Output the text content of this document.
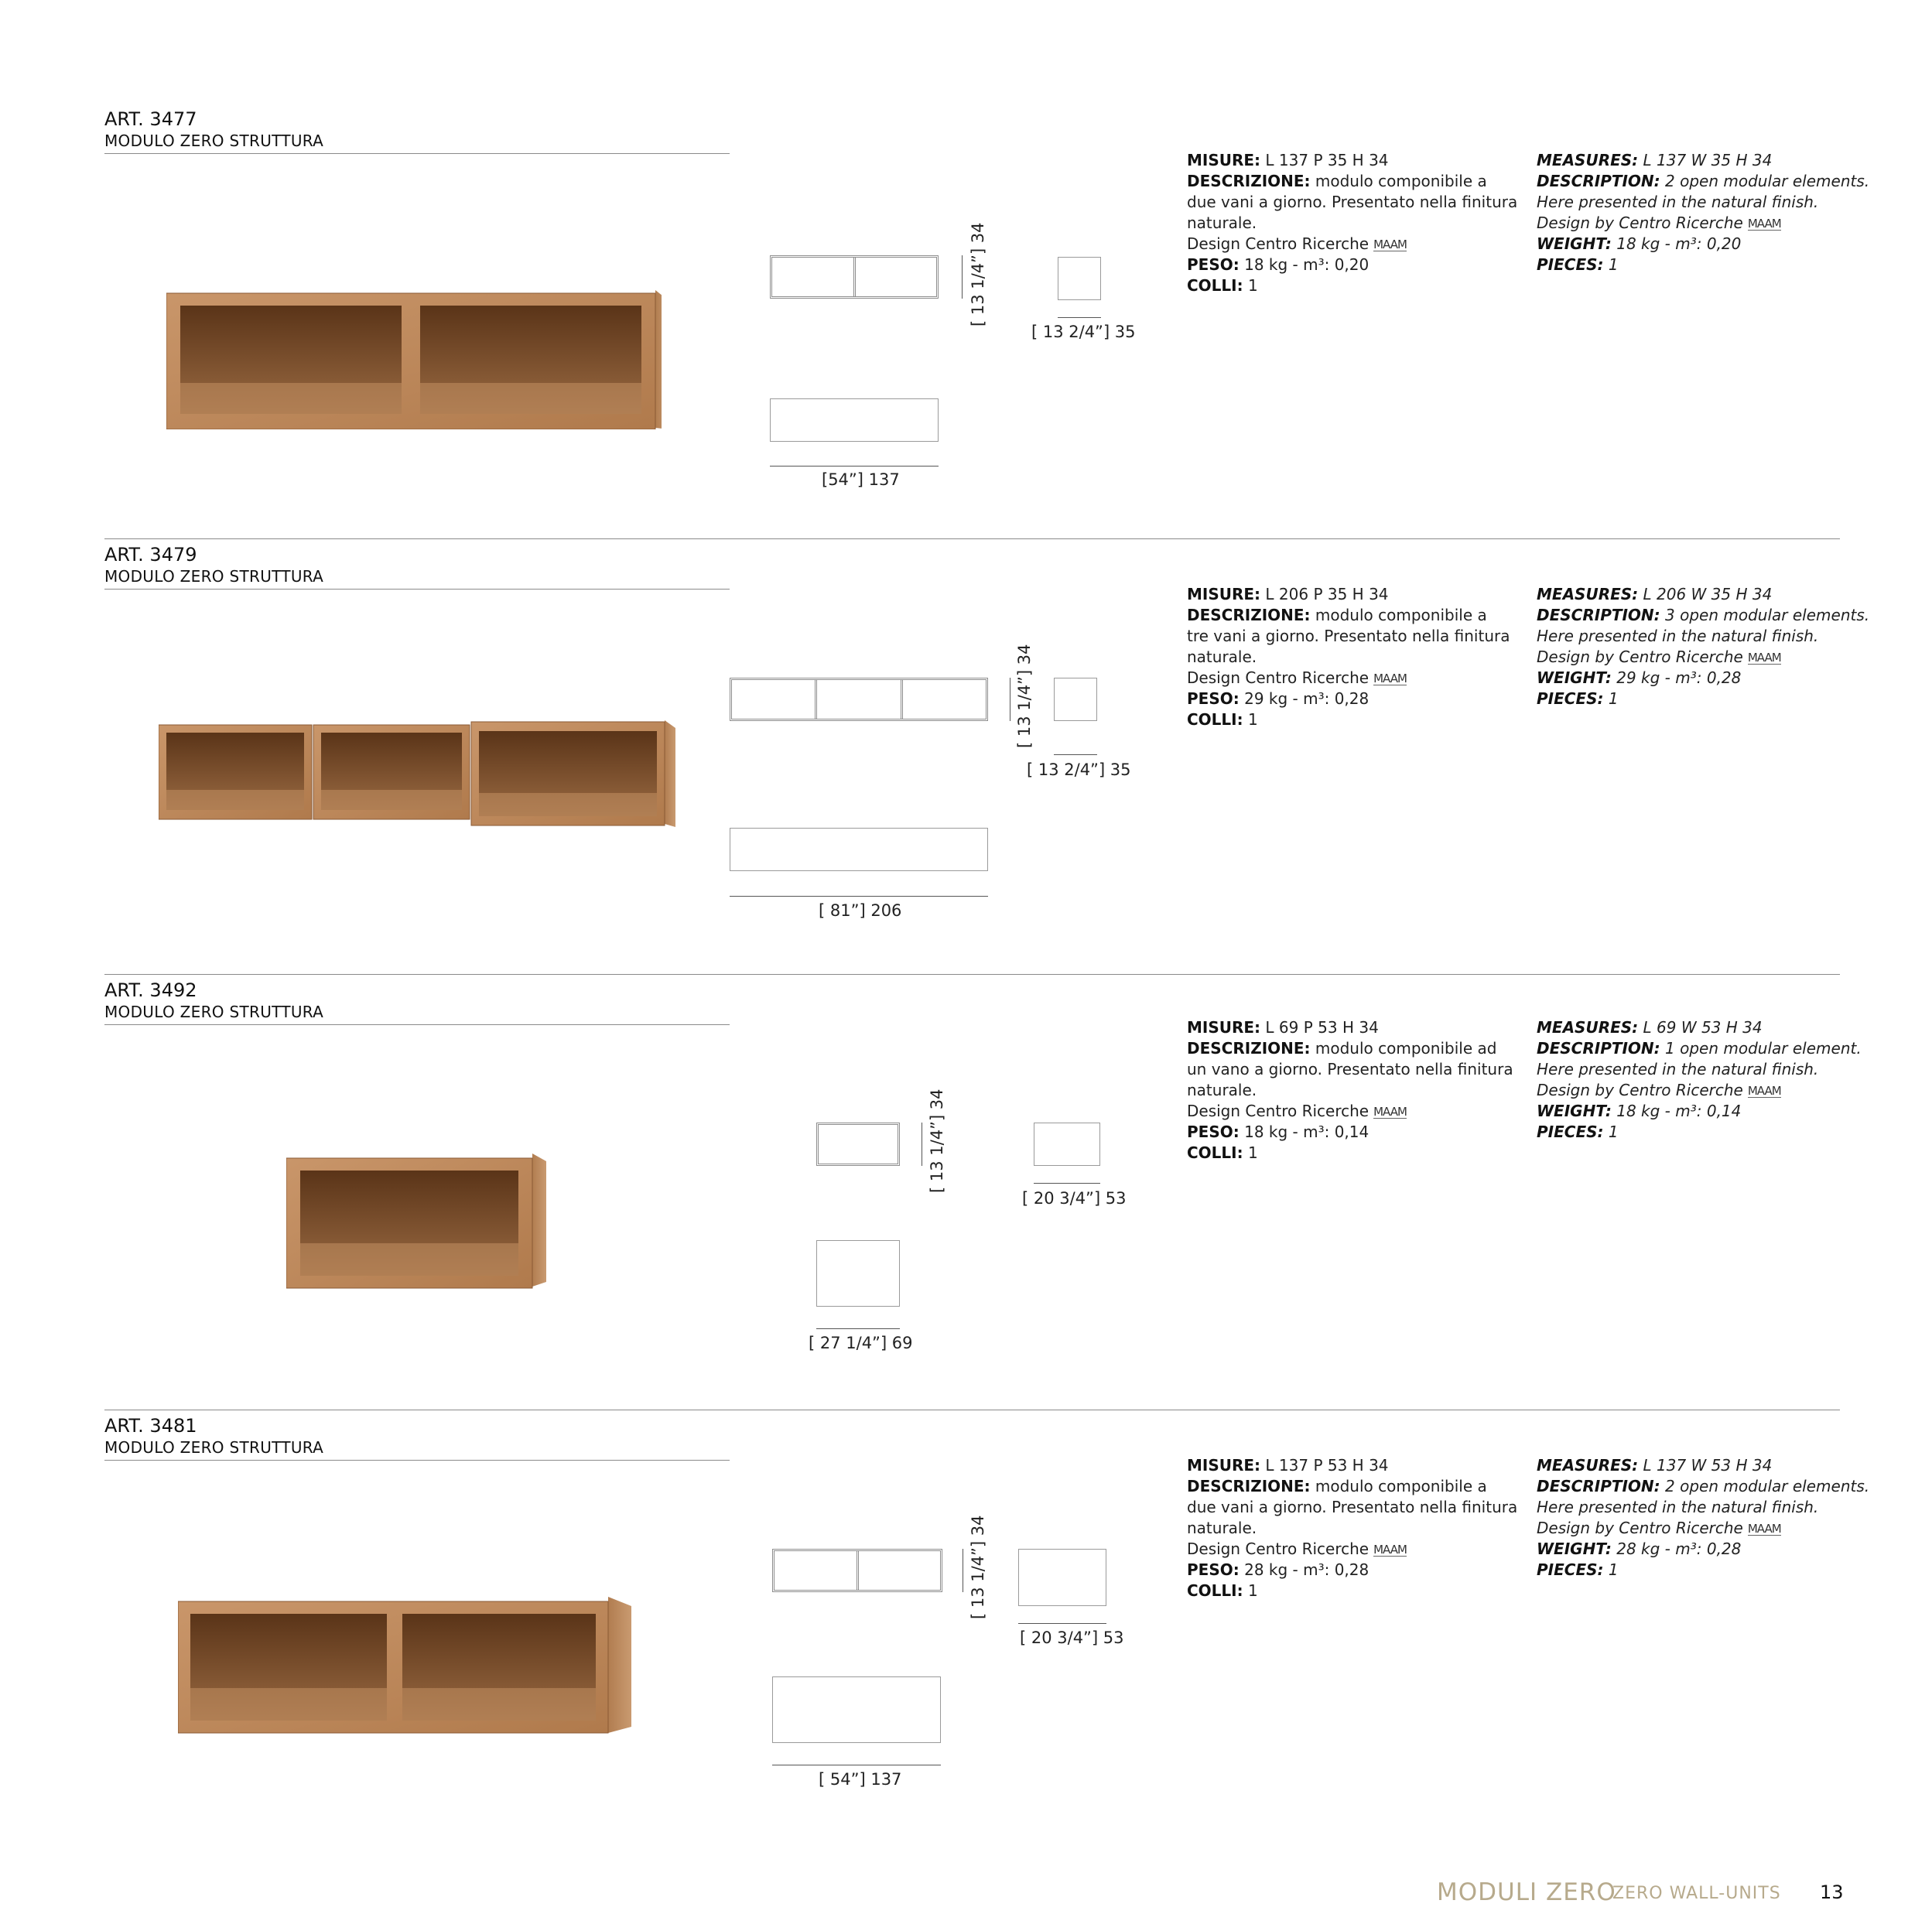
ART. 3477
MODULO ZERO STRUTTURA
[ 13 1/4”] 34
[ 13 2/4”] 35
[54”] 137
MISURE: L 137 P 35 H 34
DESCRIZIONE: modulo componibile a
due vani a giorno. Presentato nella finitura
naturale.
Design Centro Ricerche MAAM
PESO: 18 kg - m³: 0,20
COLLI: 1
MEASURES: L 137 W 35 H 34
DESCRIPTION: 2 open modular elements.
Here presented in the natural finish.
Design by Centro Ricerche MAAM
WEIGHT: 18 kg - m³: 0,20
PIECES: 1
ART. 3479
MODULO ZERO STRUTTURA
[ 13 1/4”] 34
[ 13 2/4”] 35
[ 81”] 206
MISURE: L 206 P 35 H 34
DESCRIZIONE: modulo componibile a
tre vani a giorno. Presentato nella finitura
naturale.
Design Centro Ricerche MAAM
PESO: 29 kg - m³: 0,28
COLLI: 1
MEASURES: L 206 W 35 H 34
DESCRIPTION: 3 open modular elements.
Here presented in the natural finish.
Design by Centro Ricerche MAAM
WEIGHT: 29 kg - m³: 0,28
PIECES: 1
ART. 3492
MODULO ZERO STRUTTURA
[ 13 1/4”] 34
[ 20 3/4”] 53
[ 27 1/4”] 69
MISURE: L 69 P 53 H 34
DESCRIZIONE: modulo componibile ad
un vano a giorno. Presentato nella finitura
naturale.
Design Centro Ricerche MAAM
PESO: 18 kg - m³: 0,14
COLLI: 1
MEASURES: L 69 W 53 H 34
DESCRIPTION: 1 open modular element.
Here presented in the natural finish.
Design by Centro Ricerche MAAM
WEIGHT: 18 kg - m³: 0,14
PIECES: 1
ART. 3481
MODULO ZERO STRUTTURA
[ 13 1/4”] 34
[ 20 3/4”] 53
[ 54”] 137
MISURE: L 137 P 53 H 34
DESCRIZIONE: modulo componibile a
due vani a giorno. Presentato nella finitura
naturale.
Design Centro Ricerche MAAM
PESO: 28 kg - m³: 0,28
COLLI: 1
MEASURES: L 137 W 53 H 34
DESCRIPTION: 2 open modular elements.
Here presented in the natural finish.
Design by Centro Ricerche MAAM
WEIGHT: 28 kg - m³: 0,28
PIECES: 1
MODULI ZERO
ZERO WALL-UNITS 13
